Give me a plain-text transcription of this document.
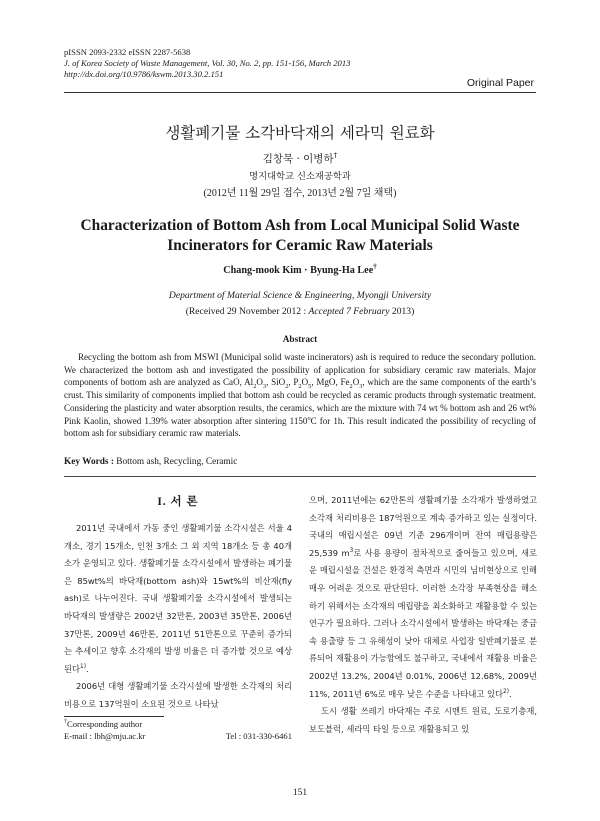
pISSN 2093-2332 eISSN 2287-5638
J. of Korea Society of Waste Management, Vol. 30, No. 2, pp. 151-156, March 2013
http://dx.doi.org/10.9786/kswm.2013.30.2.151
Original Paper
생활폐기물 소각바닥재의 세라믹 원료화
김창묵 · 이병하†
명지대학교 신소재공학과
(2012년 11월 29일 접수, 2013년 2월 7일 채택)
Characterization of Bottom Ash from Local Municipal Solid Waste
Incinerators for Ceramic Raw Materials
Chang-mook Kim · Byung-Ha Lee†
Department of Material Science & Engineering, Myongji University
(Received 29 November 2012 : Accepted 7 February 2013)
Abstract
Recycling the bottom ash from MSWI (Municipal solid waste incinerators) ash is required to reduce the secondary pollution. We characterized the bottom ash and investigated the possibility of application for subsidiary ceramic raw materials. Major components of bottom ash are analyzed as CaO, $Al_2O_3$, SiO$_2$, $P_2O_5$, MgO, $Fe_2O_3$, which are the same components of the earth’s crust. This similarity of components implied that bottom ash could be recycled as ceramic products through systematic treatment. Considering the plasticity and water absorption results, the ceramics, which are the mixture with 74 wt % bottom ash and 26 wt% Pink Kaolin, showed 1.39% water absorption after sintering 1150$^o$C for 1h. This result indicated the possibility of recycling of bottom ash for subsidiary ceramic raw materials.
Key Words : Bottom ash, Recycling, Ceramic
I. 서 론

2011년 국내에서 가동 중인 생활폐기물 소각시설은 서울 4개소, 경기 15개소, 인천 3개소 그 외 지역 18개소 등 총 40개소가 운영되고 있다. 생활폐기물 소각시설에서 발생하는 폐기물은 85wt%의 바닥재(bottom ash)와 15wt%의 비산재(fly ash)로 나누어진다. 국내 생활폐기물 소각시설에서 발생되는 바닥재의 발생량은 2002년 32만톤, 2003년 35만톤, 2006년 37만톤, 2009년 46만톤, 2011년 51만톤으로 꾸준히 증가되는 추세이고 향후 소각재의 발생 비율은 더 증가할 것으로 예상된다$^{1)}$.

2006년 대형 생활폐기물 소각시설에 발생한 소각재의 처리비용으로 137억원이 소요된 것으로 나타났

으며, 2011년에는 62만톤의 생활폐기물 소각재가 발생하였고 소각재 처리비용은 187억원으로 계속 증가하고 있는 실정이다. 국내의 매립시설은 09년 기준 296개이며 잔여 매립용량은 25,539 $m^3$로 사용 용량이 점차적으로 줄어들고 있으며, 새로운 매립시설을 건설은 환경적 측면과 시민의 님비현상으로 인해 매우 어려운 것으로 판단된다. 이러한 소각장 부족현상을 해소하기 위해서는 소각재의 매립량을 최소화하고 재활용할 수 있는 연구가 필요하다. 그러나 소각시설에서 발생하는 바닥재는 중금속 용출량 등 그 유해성이 낮아 대체로 사업장 일반폐기물로 분류되어 재활용이 가능함에도 불구하고, 국내에서 재활용 비율은 2002년 13.2%, 2004년 0.01%, 2006년 12.68%, 2009년 11%, 2011년 6%로 매우 낮은 수준을 나타내고 있다$^{2)}$.

도시 생활 쓰레기 바닥재는 주로 시멘트 원료, 도로기층재, 보도블럭, 세라믹 타일 등으로 재활용되고 있

†Corresponding author
E-mail : lbh@mju.ac.kr	Tel : 031-330-6461
151
